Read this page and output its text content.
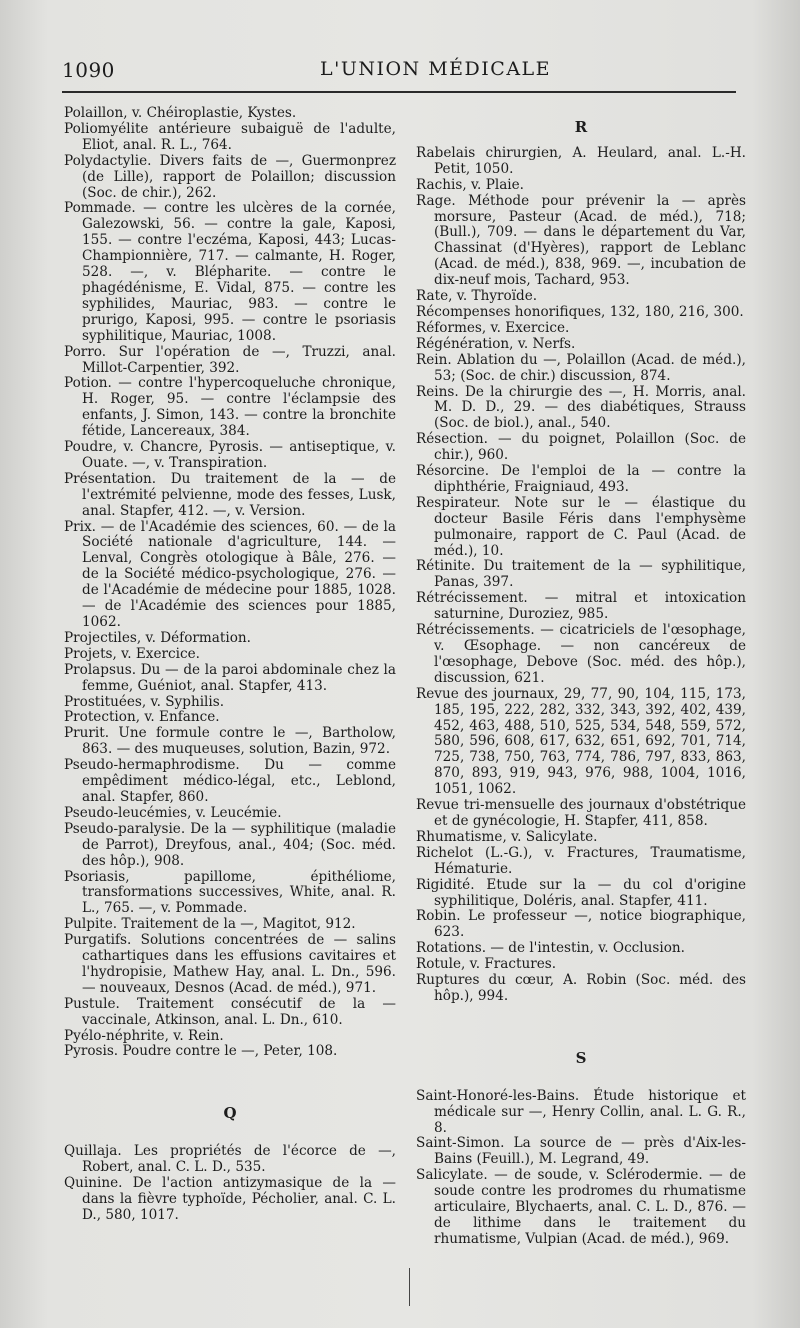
1090	L'UNION MÉDICALE

Polaillon, v. Chéiroplastie, Kystes.

Poliomyélite antérieure subaiguë de l'adulte, Eliot, anal. R. L., 764.

Polydactylie. Divers faits de —, Guermonprez (de Lille), rapport de Polaillon; discussion (Soc. de chir.), 262.

Pommade. — contre les ulcères de la cornée, Galezowski, 56. — contre la gale, Kaposi, 155. — contre l'eczéma, Kaposi, 443; Lucas-Championnière, 717. — calmante, H. Roger, 528. —, v. Blépharite. — contre le phagédénisme, E. Vidal, 875. — contre les syphilides, Mauriac, 983. — contre le prurigo, Kaposi, 995. — contre le psoriasis syphilitique, Mauriac, 1008.

Porro. Sur l'opération de —, Truzzi, anal. Millot-Carpentier, 392.

Potion. — contre l'hypercoqueluche chronique, H. Roger, 95. — contre l'éclampsie des enfants, J. Simon, 143. — contre la bronchite fétide, Lancereaux, 384.

Poudre, v. Chancre, Pyrosis. — antiseptique, v. Ouate. —, v. Transpiration.

Présentation. Du traitement de la — de l'extrémité pelvienne, mode des fesses, Lusk, anal. Stapfer, 412. —, v. Version.

Prix. — de l'Académie des sciences, 60. — de la Société nationale d'agriculture, 144. — Lenval, Congrès otologique à Bâle, 276. — de la Société médico-psychologique, 276. — de l'Académie de médecine pour 1885, 1028. — de l'Académie des sciences pour 1885, 1062.

Projectiles, v. Déformation.

Projets, v. Exercice.

Prolapsus. Du — de la paroi abdominale chez la femme, Guéniot, anal. Stapfer, 413.

Prostituées, v. Syphilis.

Protection, v. Enfance.

Prurit. Une formule contre le —, Bartholow, 863. — des muqueuses, solution, Bazin, 972.

Pseudo-hermaphrodisme. Du — comme empêdiment médico-légal, etc., Leblond, anal. Stapfer, 860.

Pseudo-leucémies, v. Leucémie.

Pseudo-paralysie. De la — syphilitique (maladie de Parrot), Dreyfous, anal., 404; (Soc. méd. des hôp.), 908.

Psoriasis, papillome, épithéliome, transformations successives, White, anal. R. L., 765. —, v. Pommade.

Pulpite. Traitement de la —, Magitot, 912.

Purgatifs. Solutions concentrées de — salins cathartiques dans les effusions cavitaires et l'hydropisie, Mathew Hay, anal. L. Dn., 596. — nouveaux, Desnos (Acad. de méd.), 971.

Pustule. Traitement consécutif de la — vaccinale, Atkinson, anal. L. Dn., 610.

Pyélo-néphrite, v. Rein.

Pyrosis. Poudre contre le —, Peter, 108.

Q

Quillaja. Les propriétés de l'écorce de —, Robert, anal. C. L. D., 535.

Quinine. De l'action antizymasique de la — dans la fièvre typhoïde, Pécholier, anal. C. L. D., 580, 1017.

R

Rabelais chirurgien, A. Heulard, anal. L.-H. Petit, 1050.

Rachis, v. Plaie.

Rage. Méthode pour prévenir la — après morsure, Pasteur (Acad. de méd.), 718; (Bull.), 709. — dans le département du Var, Chassinat (d'Hyères), rapport de Leblanc (Acad. de méd.), 838, 969. —, incubation de dix-neuf mois, Tachard, 953.

Rate, v. Thyroïde.

Récompenses honorifiques, 132, 180, 216, 300.

Réformes, v. Exercice.

Régénération, v. Nerfs.

Rein. Ablation du —, Polaillon (Acad. de méd.), 53; (Soc. de chir.) discussion, 874.

Reins. De la chirurgie des —, H. Morris, anal. M. D. D., 29. — des diabétiques, Strauss (Soc. de biol.), anal., 540.

Résection. — du poignet, Polaillon (Soc. de chir.), 960.

Résorcine. De l'emploi de la — contre la diphthérie, Fraigniaud, 493.

Respirateur. Note sur le — élastique du docteur Basile Féris dans l'emphysème pulmonaire, rapport de C. Paul (Acad. de méd.), 10.

Rétinite. Du traitement de la — syphilitique, Panas, 397.

Rétrécissement. — mitral et intoxication saturnine, Duroziez, 985.

Rétrécissements. — cicatriciels de l'œsophage, v. Œsophage. — non cancéreux de l'œsophage, Debove (Soc. méd. des hôp.), discussion, 621.

Revue des journaux, 29, 77, 90, 104, 115, 173, 185, 195, 222, 282, 332, 343, 392, 402, 439, 452, 463, 488, 510, 525, 534, 548, 559, 572, 580, 596, 608, 617, 632, 651, 692, 701, 714, 725, 738, 750, 763, 774, 786, 797, 833, 863, 870, 893, 919, 943, 976, 988, 1004, 1016, 1051, 1062.

Revue tri-mensuelle des journaux d'obstétrique et de gynécologie, H. Stapfer, 411, 858.

Rhumatisme, v. Salicylate.

Richelot (L.-G.), v. Fractures, Traumatisme, Hématurie.

Rigidité. Etude sur la — du col d'origine syphilitique, Doléris, anal. Stapfer, 411.

Robin. Le professeur —, notice biographique, 623.

Rotations. — de l'intestin, v. Occlusion.

Rotule, v. Fractures.

Ruptures du cœur, A. Robin (Soc. méd. des hôp.), 994.

S

Saint-Honoré-les-Bains. Étude historique et médicale sur —, Henry Collin, anal. L. G. R., 8.

Saint-Simon. La source de — près d'Aix-les-Bains (Feuill.), M. Legrand, 49.

Salicylate. — de soude, v. Sclérodermie. — de soude contre les prodromes du rhumatisme articulaire, Blychaerts, anal. C. L. D., 876. — de lithime dans le traitement du rhumatisme, Vulpian (Acad. de méd.), 969.
